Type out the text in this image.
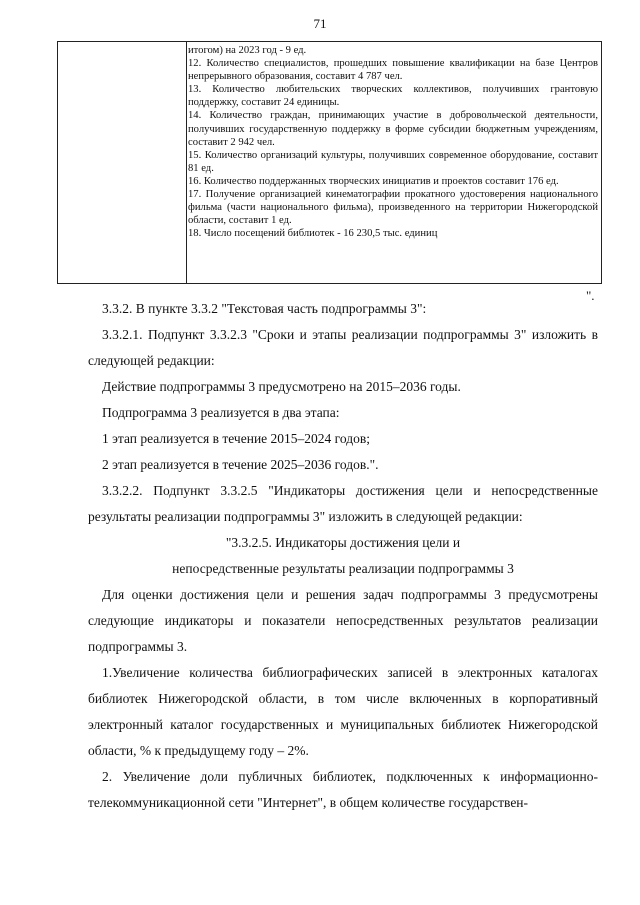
71

итогом) на 2023 год - 9 ед.

12. Количество специалистов, прошедших повышение квалификации на базе Центров непрерывного образования, составит 4 787 чел.

13. Количество любительских творческих коллективов, получивших грантовую поддержку, составит 24 единицы.

14. Количество граждан, принимающих участие в добровольческой деятельности, получивших государственную поддержку в форме субсидии бюджетным учреждениям, составит 2 942 чел.

15. Количество организаций культуры, получивших современное оборудование, составит 81 ед.

16. Количество поддержанных творческих инициатив и проектов составит 176 ед.

17. Получение организацией кинематографии прокатного удостоверения национального фильма (части национального фильма), произведенного на территории Нижегородской области, составит 1 ед.

18. Число посещений библиотек - 16 230,5 тыс. единиц

".

3.3.2. В пункте 3.3.2 "Текстовая часть подпрограммы 3":

3.3.2.1. Подпункт 3.3.2.3 "Сроки и этапы реализации подпрограммы 3" изложить в следующей редакции:

Действие подпрограммы 3 предусмотрено на 2015–2036 годы.

Подпрограмма 3 реализуется в два этапа:

1 этап реализуется в течение 2015–2024 годов;

2 этап реализуется в течение 2025–2036 годов.".

3.3.2.2. Подпункт 3.3.2.5 "Индикаторы достижения цели и непосредственные результаты реализации подпрограммы 3" изложить в следующей редакции:

"3.3.2.5. Индикаторы достижения цели и

непосредственные результаты реализации подпрограммы 3

Для оценки достижения цели и решения задач подпрограммы 3 предусмотрены следующие индикаторы и показатели непосредственных результатов реализации подпрограммы 3.

1.Увеличение количества библиографических записей в электронных каталогах библиотек Нижегородской области, в том числе включенных в корпоративный электронный каталог государственных и муниципальных библиотек Нижегородской области, % к предыдущему году – 2%.

2. Увеличение доли публичных библиотек, подключенных к информационно-телекоммуникационной сети "Интернет", в общем количестве государствен-
